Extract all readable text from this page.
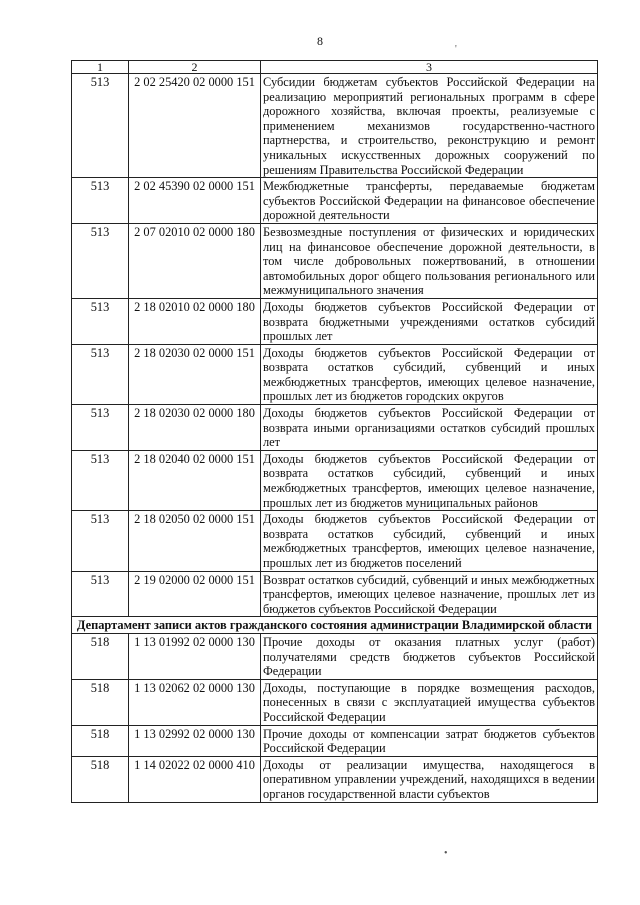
8
1	2	3
513	2 02 25420 02 0000 151	Субсидии бюджетам субъектов Российской Федерации на реализацию мероприятий региональных программ в сфере дорожного хозяйства, включая проекты, реализуемые с применением механизмов государственно-частного партнерства, и строительство, реконструкцию и ремонт уникальных искусственных дорожных сооружений по решениям Правительства Российской Федерации
513	2 02 45390 02 0000 151	Межбюджетные трансферты, передаваемые бюджетам субъектов Российской Федерации на финансовое обеспечение дорожной деятельности
513	2 07 02010 02 0000 180	Безвозмездные поступления от физических и юридических лиц на финансовое обеспечение дорожной деятельности, в том числе добровольных пожертвований, в отношении автомобильных дорог общего пользования регионального или межмуниципального значения
513	2 18 02010 02 0000 180	Доходы бюджетов субъектов Российской Федерации от возврата бюджетными учреждениями остатков субсидий прошлых лет
513	2 18 02030 02 0000 151	Доходы бюджетов субъектов Российской Федерации от возврата остатков субсидий, субвенций и иных межбюджетных трансфертов, имеющих целевое назначение, прошлых лет из бюджетов городских округов
513	2 18 02030 02 0000 180	Доходы бюджетов субъектов Российской Федерации от возврата иными организациями остатков субсидий прошлых лет
513	2 18 02040 02 0000 151	Доходы бюджетов субъектов Российской Федерации от возврата остатков субсидий, субвенций и иных межбюджетных трансфертов, имеющих целевое назначение, прошлых лет из бюджетов муниципальных районов
513	2 18 02050 02 0000 151	Доходы бюджетов субъектов Российской Федерации от возврата остатков субсидий, субвенций и иных межбюджетных трансфертов, имеющих целевое назначение, прошлых лет из бюджетов поселений
513	2 19 02000 02 0000 151	Возврат остатков субсидий, субвенций и иных межбюджетных трансфертов, имеющих целевое назначение, прошлых лет из бюджетов субъектов Российской Федерации
Департамент записи актов гражданского состояния администрации Владимирской области		
518	1 13 01992 02 0000 130	Прочие доходы от оказания платных услуг (работ) получателями средств бюджетов субъектов Российской Федерации
518	1 13 02062 02 0000 130	Доходы, поступающие в порядке возмещения расходов, понесенных в связи с эксплуатацией имущества субъектов Российской Федерации
518	1 13 02992 02 0000 130	Прочие доходы от компенсации затрат бюджетов субъектов Российской Федерации
518	1 14 02022 02 0000 410	Доходы от реализации имущества, находящегося в оперативном управлении учреждений, находящихся в ведении органов государственной власти субъектов
'
•
